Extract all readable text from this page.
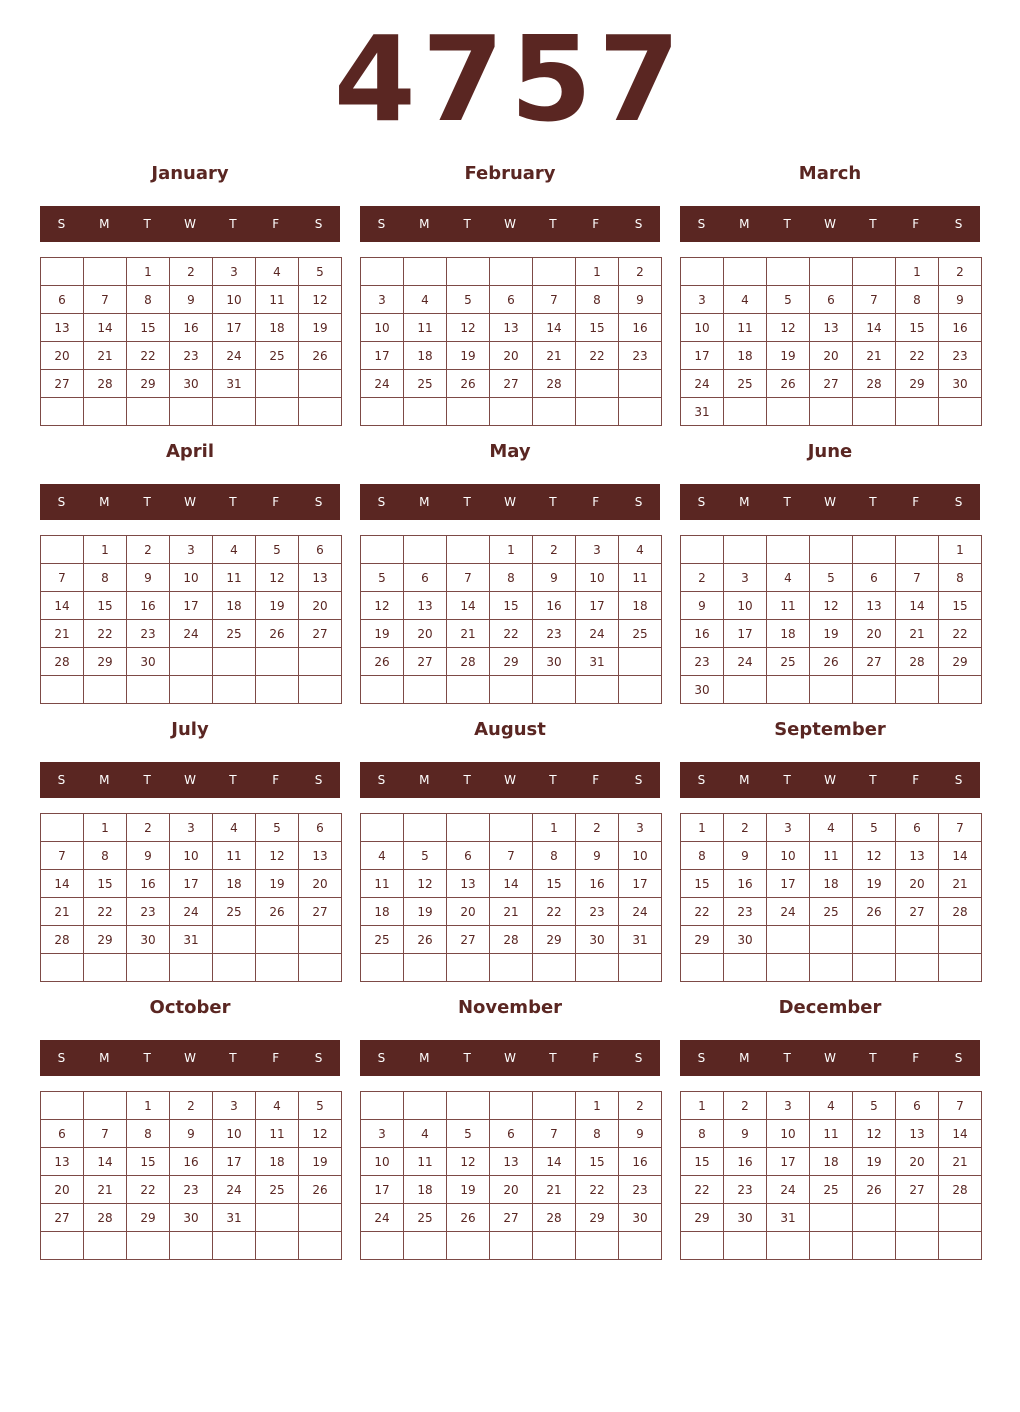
4757
January
S	M	T	W	T	F	S
		1	2	3	4	5
6	7	8	9	10	11	12
13	14	15	16	17	18	19
20	21	22	23	24	25	26
27	28	29	30	31		

February
S	M	T	W	T	F	S
					1	2
3	4	5	6	7	8	9
10	11	12	13	14	15	16
17	18	19	20	21	22	23
24	25	26	27	28		

March
S	M	T	W	T	F	S
					1	2
3	4	5	6	7	8	9
10	11	12	13	14	15	16
17	18	19	20	21	22	23
24	25	26	27	28	29	30
31						
April
S	M	T	W	T	F	S
	1	2	3	4	5	6
7	8	9	10	11	12	13
14	15	16	17	18	19	20
21	22	23	24	25	26	27
28	29	30				

May
S	M	T	W	T	F	S
			1	2	3	4
5	6	7	8	9	10	11
12	13	14	15	16	17	18
19	20	21	22	23	24	25
26	27	28	29	30	31	

June
S	M	T	W	T	F	S
						1
2	3	4	5	6	7	8
9	10	11	12	13	14	15
16	17	18	19	20	21	22
23	24	25	26	27	28	29
30						
July
S	M	T	W	T	F	S
	1	2	3	4	5	6
7	8	9	10	11	12	13
14	15	16	17	18	19	20
21	22	23	24	25	26	27
28	29	30	31			

August
S	M	T	W	T	F	S
				1	2	3
4	5	6	7	8	9	10
11	12	13	14	15	16	17
18	19	20	21	22	23	24
25	26	27	28	29	30	31

September
S	M	T	W	T	F	S
1	2	3	4	5	6	7
8	9	10	11	12	13	14
15	16	17	18	19	20	21
22	23	24	25	26	27	28
29	30					

October
S	M	T	W	T	F	S
		1	2	3	4	5
6	7	8	9	10	11	12
13	14	15	16	17	18	19
20	21	22	23	24	25	26
27	28	29	30	31		

November
S	M	T	W	T	F	S
					1	2
3	4	5	6	7	8	9
10	11	12	13	14	15	16
17	18	19	20	21	22	23
24	25	26	27	28	29	30

December
S	M	T	W	T	F	S
1	2	3	4	5	6	7
8	9	10	11	12	13	14
15	16	17	18	19	20	21
22	23	24	25	26	27	28
29	30	31				
